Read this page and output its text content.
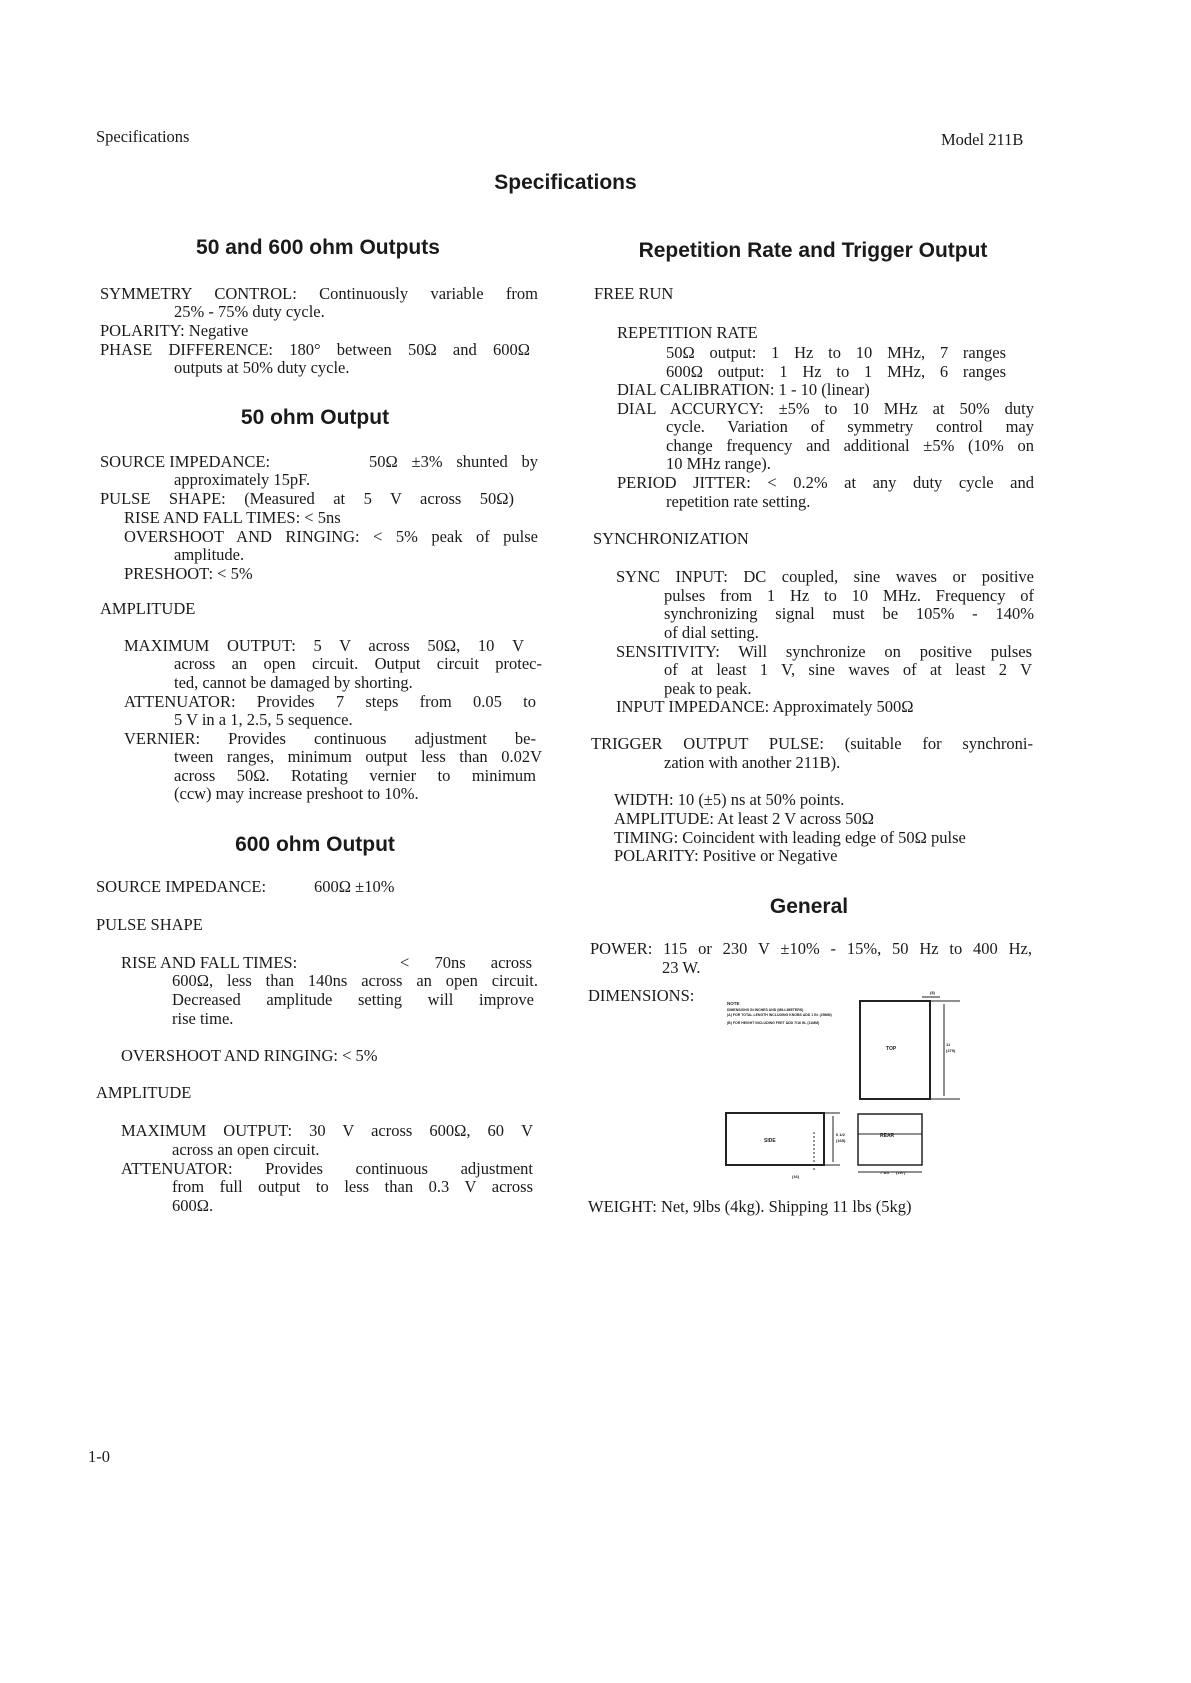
Specifications	Model 211B
Specifications
50 and 600 ohm Outputs
SYMMETRY CONTROL: Continuously variable from
25% - 75% duty cycle.
POLARITY: Negative
PHASE DIFFERENCE: 180° between 50Ω and 600Ω
outputs at 50% duty cycle.
50 ohm Output
SOURCE IMPEDANCE:	50Ω ±3% shunted by
approximately 15pF.
PULSE SHAPE: (Measured at 5 V across 50Ω)
RISE AND FALL TIMES: < 5ns
OVERSHOOT AND RINGING: < 5% peak of pulse
amplitude.
PRESHOOT: < 5%
AMPLITUDE
MAXIMUM OUTPUT: 5 V across 50Ω, 10 V
across an open circuit. Output circuit protec-
ted, cannot be damaged by shorting.
ATTENUATOR: Provides 7 steps from 0.05 to
5 V in a 1, 2.5, 5 sequence.
VERNIER: Provides continuous adjustment be-
tween ranges, minimum output less than 0.02V
across 50Ω. Rotating vernier to minimum
(ccw) may increase preshoot to 10%.
600 ohm Output
SOURCE IMPEDANCE:	600Ω ±10%
PULSE SHAPE
RISE AND FALL TIMES:	< 70ns across
600Ω, less than 140ns across an open circuit.
Decreased amplitude setting will improve
rise time.
OVERSHOOT AND RINGING: < 5%
AMPLITUDE
MAXIMUM OUTPUT: 30 V across 600Ω, 60 V
across an open circuit.
ATTENUATOR: Provides continuous adjustment
from full output to less than 0.3 V across
600Ω.
Repetition Rate and Trigger Output
FREE RUN
REPETITION RATE
50Ω output: 1 Hz to 10 MHz, 7 ranges
600Ω output: 1 Hz to 1 MHz, 6 ranges
DIAL CALIBRATION: 1 - 10 (linear)
DIAL ACCURYCY: ±5% to 10 MHz at 50% duty
cycle. Variation of symmetry control may
change frequency and additional ±5% (10% on
10 MHz range).
PERIOD JITTER: < 0.2% at any duty cycle and
repetition rate setting.
SYNCHRONIZATION
SYNC INPUT: DC coupled, sine waves or positive
pulses from 1 Hz to 10 MHz. Frequency of
synchronizing signal must be 105% - 140%
of dial setting.
SENSITIVITY: Will synchronize on positive pulses
of at least 1 V, sine waves of at least 2 V
peak to peak.
INPUT IMPEDANCE: Approximately 500Ω
TRIGGER OUTPUT PULSE: (suitable for synchroni-
zation with another 211B).
WIDTH: 10 (±5) ns at 50% points.
AMPLITUDE: At least 2 V across 50Ω
TIMING: Coincident with leading edge of 50Ω pulse
POLARITY: Positive or Negative
General
POWER: 115 or 230 V ±10% - 15%, 50 Hz to 400 Hz,
23 W.
DIMENSIONS:	NOTE
DIMENSIONS IN INCHES AND (MILLIMETERS)
(A) FOR TOTAL LENGTH INCLUDING KNOBS ADD 1 IN. (25MM)
(B) FOR HEIGHT INCLUDING FEET ADD 7/16 IN. (11MM)
TOP
SIDE
REAR
(8)
11
(279)
6 1/2
(165)
7 3/4 (197)
(16)
WEIGHT: Net, 9lbs (4kg). Shipping 11 lbs (5kg)
1-0
